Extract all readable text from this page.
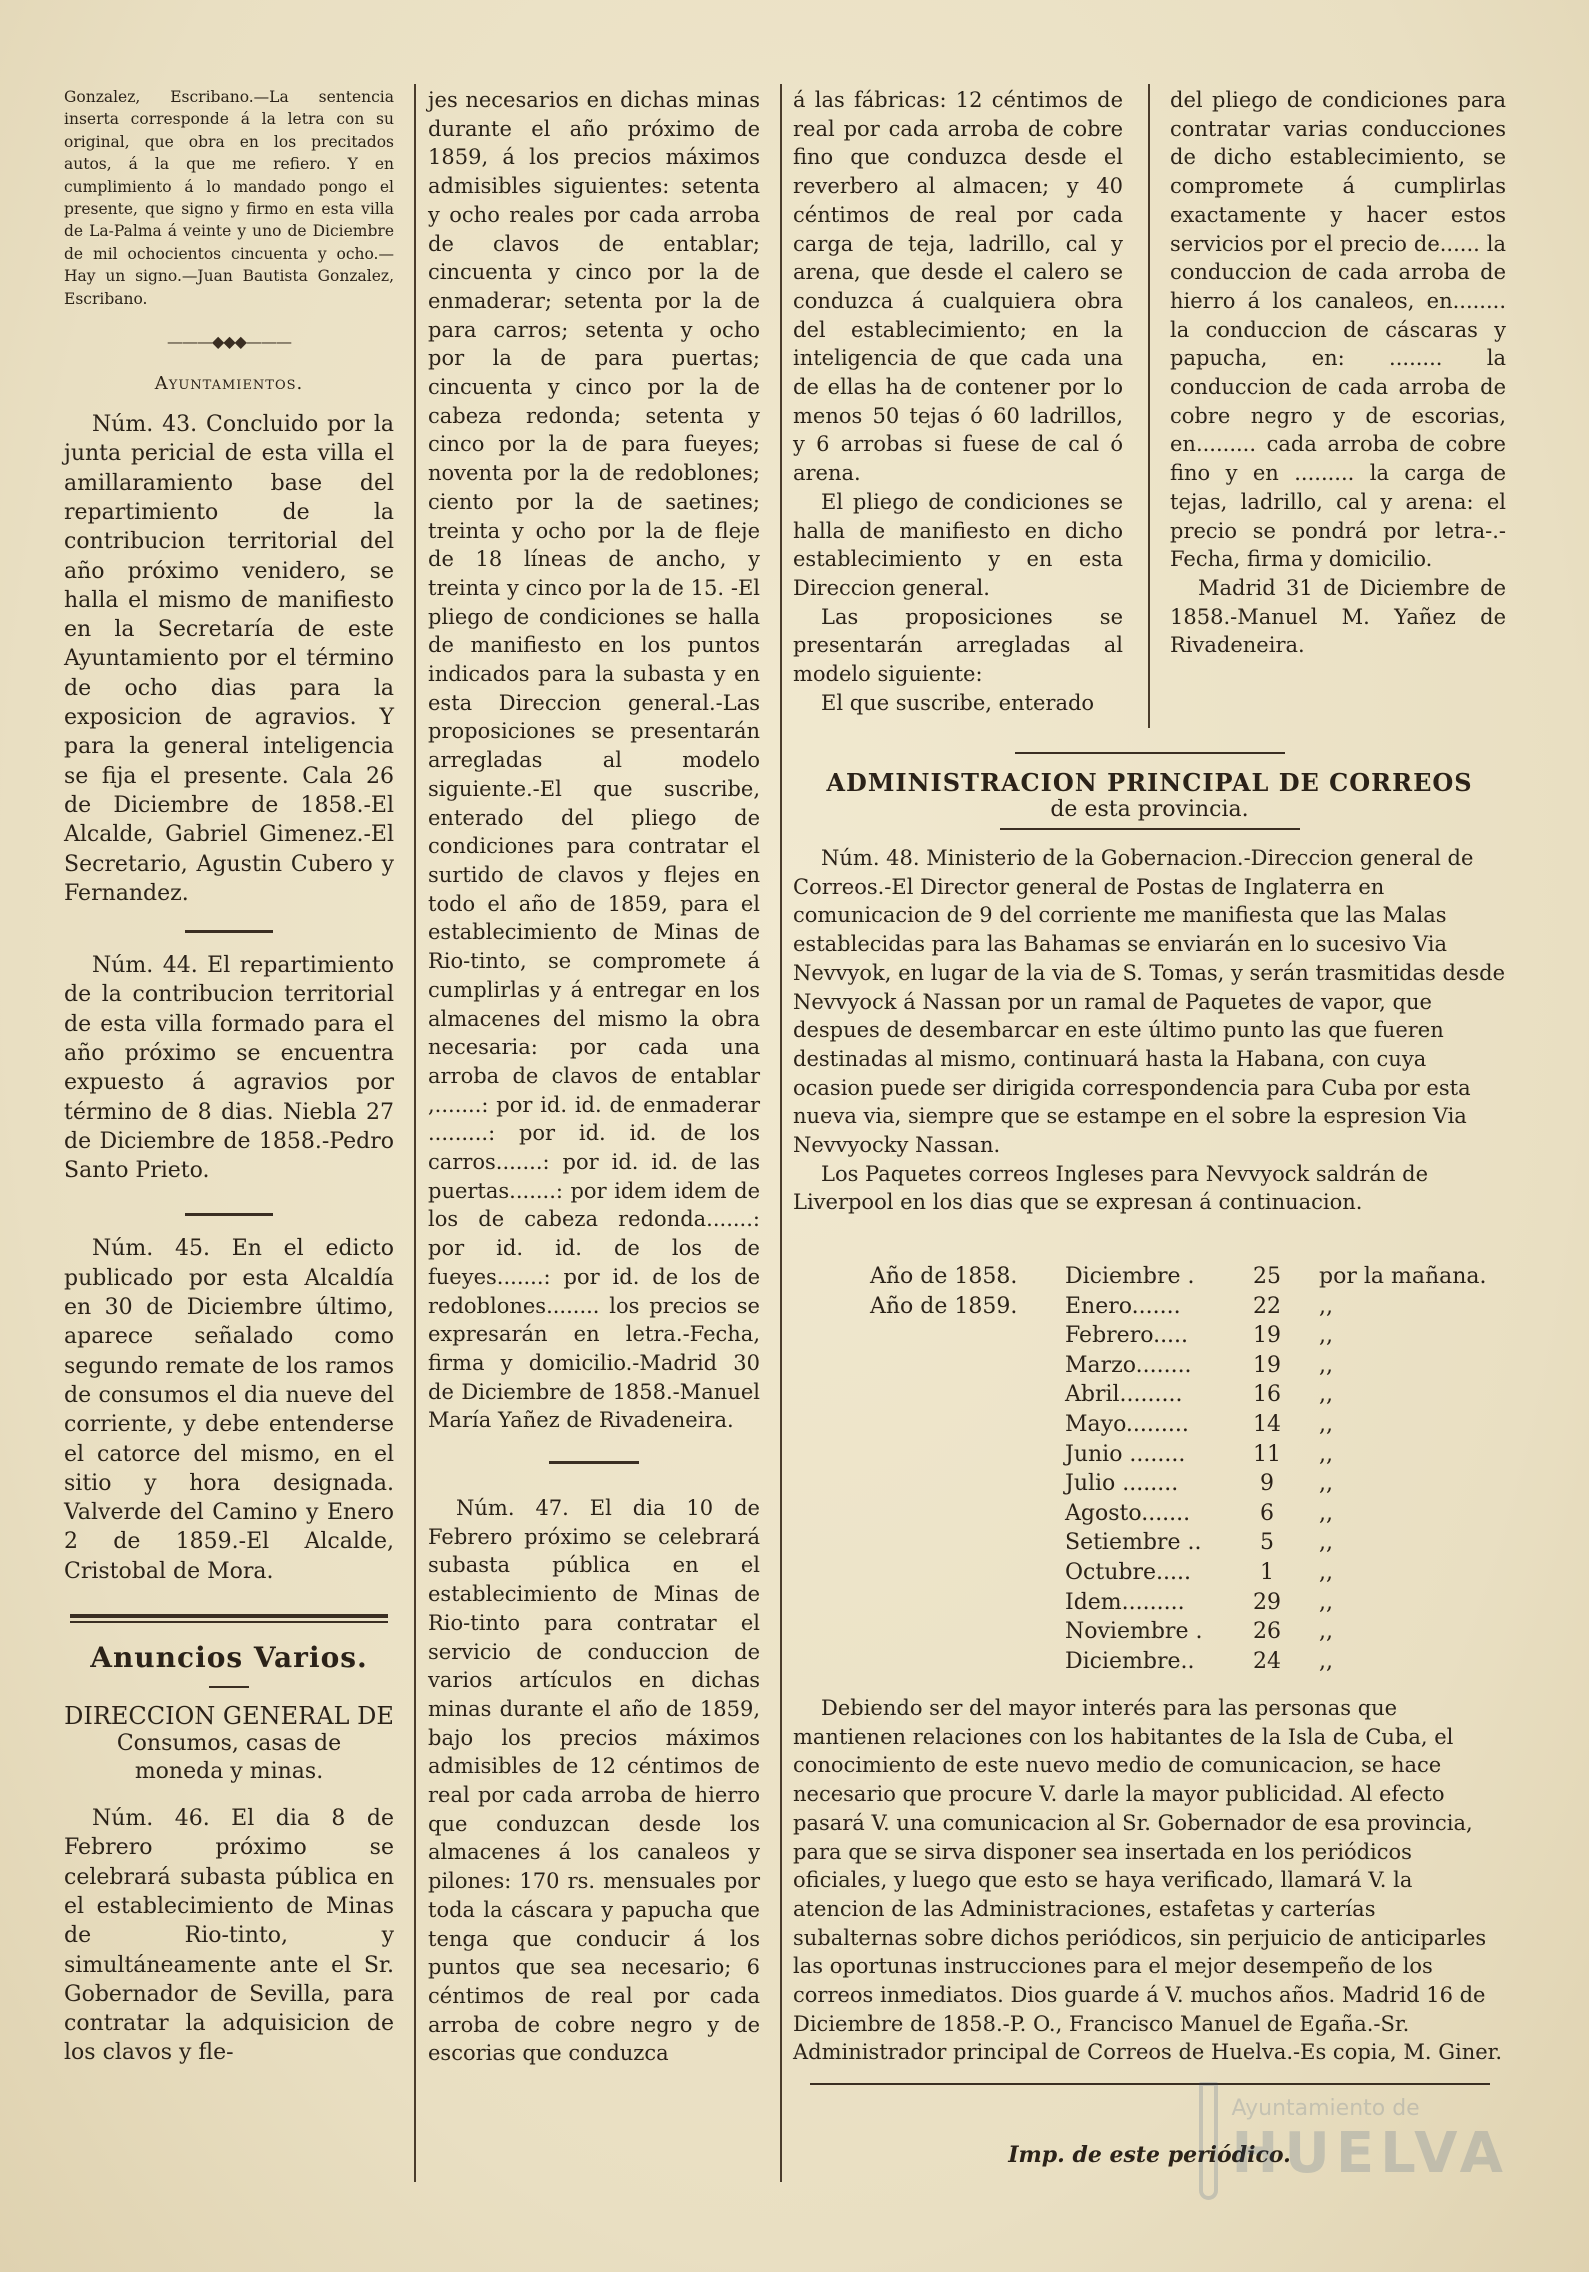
Gonzalez, Escribano.—La sentencia inserta corresponde á la letra con su original, que obra en los precitados autos, á la que me refiero. Y en cumplimiento á lo mandado pongo el presente, que signo y firmo en esta villa de La-Palma á veinte y uno de Diciembre de mil ochocientos cincuenta y ocho.—Hay un signo.—Juan Bautista Gonzalez, Escribano.

———◆◆◆———

Ayuntamientos.

Núm. 43. Concluido por la junta pericial de esta villa el amillaramiento base del repartimiento de la contribucion territorial del año próximo venidero, se halla el mismo de manifiesto en la Secretaría de este Ayuntamiento por el término de ocho dias para la exposicion de agravios. Y para la general inteligencia se fija el presente. Cala 26 de Diciembre de 1858.-El Alcalde, Gabriel Gimenez.-El Secretario, Agustin Cubero y Fernandez.

Núm. 44. El repartimiento de la contribucion territorial de esta villa formado para el año próximo se encuentra expuesto á agravios por término de 8 dias. Niebla 27 de Diciembre de 1858.-Pedro Santo Prieto.

Núm. 45. En el edicto publicado por esta Alcaldía en 30 de Diciembre último, aparece señalado como segundo remate de los ramos de consumos el dia nueve del corriente, y debe entenderse el catorce del mismo, en el sitio y hora designada. Valverde del Camino y Enero 2 de 1859.-El Alcalde, Cristobal de Mora.

Anuncios Varios.

DIRECCION GENERAL DE

Consumos, casas de moneda y minas.

Núm. 46. El dia 8 de Febrero próximo se celebrará subasta pública en el establecimiento de Minas de Rio-tinto, y simultáneamente ante el Sr. Gobernador de Sevilla, para contratar la adquisicion de los clavos y fle-

jes necesarios en dichas minas durante el año próximo de 1859, á los precios máximos admisibles siguientes: setenta y ocho reales por cada arroba de clavos de entablar; cincuenta y cinco por la de enmaderar; setenta por la de para carros; setenta y ocho por la de para puertas; cincuenta y cinco por la de cabeza redonda; setenta y cinco por la de para fueyes; noventa por la de redoblones; ciento por la de saetines; treinta y ocho por la de fleje de 18 líneas de ancho, y treinta y cinco por la de 15. -El pliego de condiciones se halla de manifiesto en los puntos indicados para la subasta y en esta Direccion general.-Las proposiciones se presentarán arregladas al modelo siguiente.-El que suscribe, enterado del pliego de condiciones para contratar el surtido de clavos y flejes en todo el año de 1859, para el establecimiento de Minas de Rio-tinto, se compromete á cumplirlas y á entregar en los almacenes del mismo la obra necesaria: por cada una arroba de clavos de entablar ,.......: por id. id. de enmaderar .........: por id. id. de los carros.......: por id. id. de las puertas.......: por idem idem de los de cabeza redonda.......: por id. id. de los de fueyes.......: por id. de los de redoblones........ los precios se expresarán en letra.-Fecha, firma y domicilio.-Madrid 30 de Diciembre de 1858.-Manuel María Yañez de Rivadeneira.

Núm. 47. El dia 10 de Febrero próximo se celebrará subasta pública en el establecimiento de Minas de Rio-tinto para contratar el servicio de conduccion de varios artículos en dichas minas durante el año de 1859, bajo los precios máximos admisibles de 12 céntimos de real por cada arroba de hierro que conduzcan desde los almacenes á los canaleos y pilones: 170 rs. mensuales por toda la cáscara y papucha que tenga que conducir á los puntos que sea necesario; 6 céntimos de real por cada arroba de cobre negro y de escorias que conduzca

á las fábricas: 12 céntimos de real por cada arroba de cobre fino que conduzca desde el reverbero al almacen; y 40 céntimos de real por cada carga de teja, ladrillo, cal y arena, que desde el calero se conduzca á cualquiera obra del establecimiento; en la inteligencia de que cada una de ellas ha de contener por lo menos 50 tejas ó 60 ladrillos, y 6 arrobas si fuese de cal ó arena.

El pliego de condiciones se halla de manifiesto en dicho establecimiento y en esta Direccion general.

Las proposiciones se presentarán arregladas al modelo siguiente:

El que suscribe, enterado

del pliego de condiciones para contratar varias conducciones de dicho establecimiento, se compromete á cumplirlas exactamente y hacer estos servicios por el precio de...... la conduccion de cada arroba de hierro á los canaleos, en........ la conduccion de cáscaras y papucha, en: ........ la conduccion de cada arroba de cobre negro y de escorias, en......... cada arroba de cobre fino y en ......... la carga de tejas, ladrillo, cal y arena: el precio se pondrá por letra-.-Fecha, firma y domicilio.

Madrid 31 de Diciembre de 1858.-Manuel M. Yañez de Rivadeneira.

ADMINISTRACION PRINCIPAL DE CORREOS

de esta provincia.

Núm. 48. Ministerio de la Gobernacion.-Direccion general de Correos.-El Director general de Postas de Inglaterra en comunicacion de 9 del corriente me manifiesta que las Malas establecidas para las Bahamas se enviarán en lo sucesivo Via Nevvyok, en lugar de la via de S. Tomas, y serán trasmitidas desde Nevvyock á Nassan por un ramal de Paquetes de vapor, que despues de desembarcar en este último punto las que fueren destinadas al mismo, continuará hasta la Habana, con cuya ocasion puede ser dirigida correspondencia para Cuba por esta nueva via, siempre que se estampe en el sobre la espresion Via Nevvyocky Nassan.

Los Paquetes correos Ingleses para Nevvyock saldrán de Liverpool en los dias que se expresan á continuacion.

Año de 1858.	Diciembre .	25	por la mañana.
Año de 1859.	Enero.......	22	,,
	Febrero.....	19	,,
	Marzo........	19	,,
	Abril.........	16	,,
	Mayo.........	14	,,
	Junio ........	11	,,
	Julio ........	9	,,
	Agosto.......	6	,,
	Setiembre ..	5	,,
	Octubre.....	1	,,
	Idem.........	29	,,
	Noviembre .	26	,,
	Diciembre..	24	,,

Debiendo ser del mayor interés para las personas que mantienen relaciones con los habitantes de la Isla de Cuba, el conocimiento de este nuevo medio de comunicacion, se hace necesario que procure V. darle la mayor publicidad. Al efecto pasará V. una comunicacion al Sr. Gobernador de esa provincia, para que se sirva disponer sea insertada en los periódicos oficiales, y luego que esto se haya verificado, llamará V. la atencion de las Administraciones, estafetas y carterías subalternas sobre dichos periódicos, sin perjuicio de anticiparles las oportunas instrucciones para el mejor desempeño de los correos inmediatos. Dios guarde á V. muchos años. Madrid 16 de Diciembre de 1858.-P. O., Francisco Manuel de Egaña.-Sr. Administrador principal de Correos de Huelva.-Es copia, M. Giner.

Imp. de este periódico.

Ayuntamiento de
HUELVA
